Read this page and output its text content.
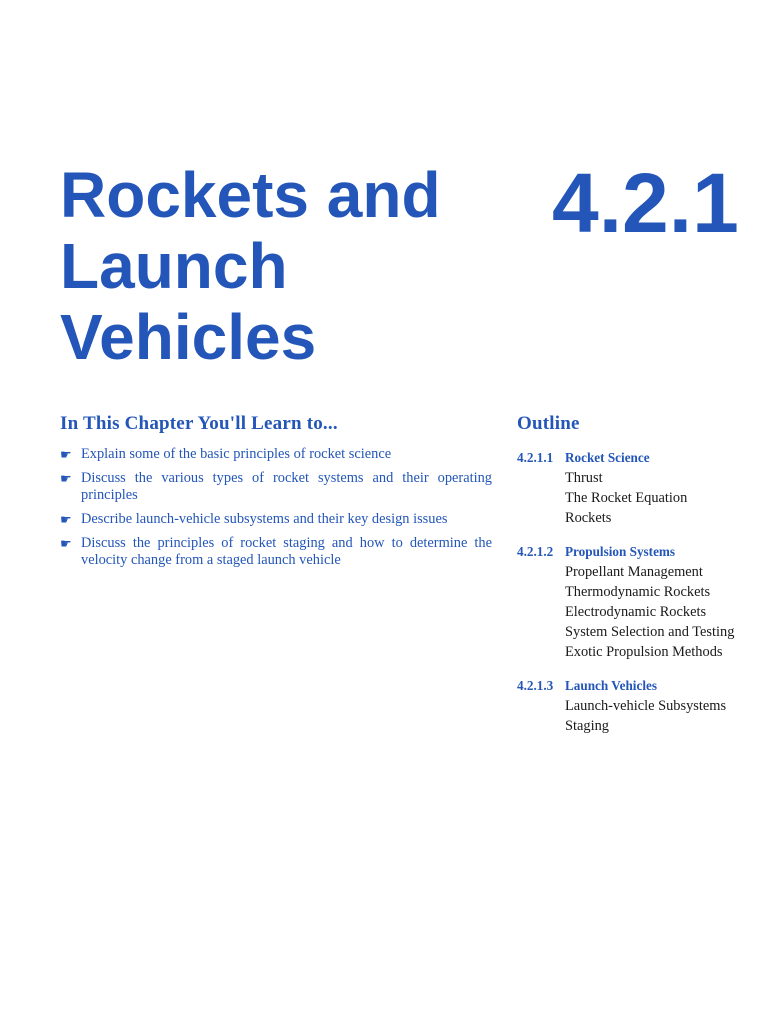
Rockets and
Launch
Vehicles
4.2.1
In This Chapter You'll Learn to...
☛ Explain some of the basic principles of rocket science
☛ Discuss the various types of rocket systems and their operating principles
☛ Describe launch-vehicle subsystems and their key design issues
☛ Discuss the principles of rocket staging and how to determine the velocity change from a staged launch vehicle
Outline
4.2.1.1 Rocket Science
Thrust
The Rocket Equation
Rockets
4.2.1.2 Propulsion Systems
Propellant Management
Thermodynamic Rockets
Electrodynamic Rockets
System Selection and Testing
Exotic Propulsion Methods
4.2.1.3 Launch Vehicles
Launch-vehicle Subsystems
Staging
